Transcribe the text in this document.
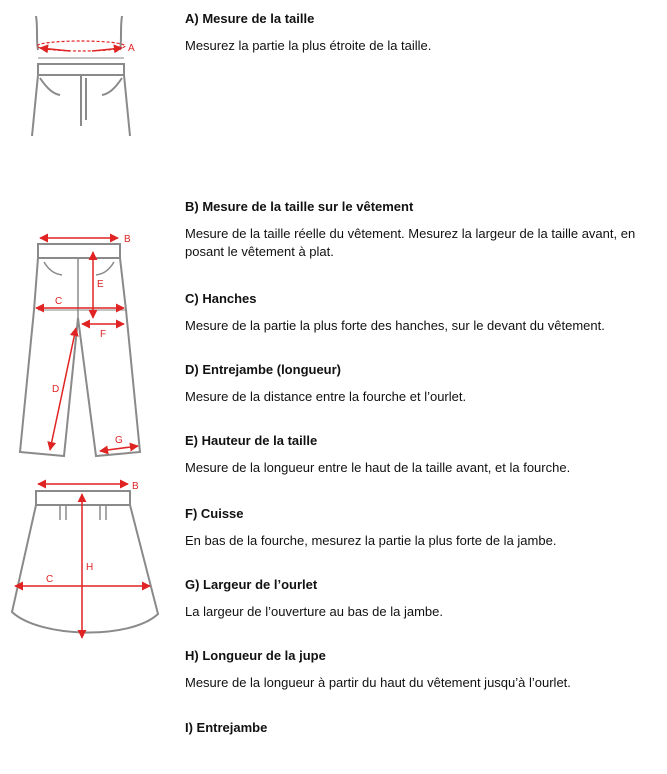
A
B
C
D
E
F
G
B
C
H
A) Mesure de la taille

Mesurez la partie la plus étroite de la taille.

B) Mesure de la taille sur le vêtement

Mesure de la taille réelle du vêtement. Mesurez la largeur de la taille avant, en posant le vêtement à plat.

C) Hanches

Mesure de la partie la plus forte des hanches, sur le devant du vêtement.

D) Entrejambe (longueur)

Mesure de la distance entre la fourche et l’ourlet.

E) Hauteur de la taille

Mesure de la longueur entre le haut de la taille avant, et la fourche.

F) Cuisse

En bas de la fourche, mesurez la partie la plus forte de la jambe.

G) Largeur de l’ourlet

La largeur de l’ouverture au bas de la jambe.

H) Longueur de la jupe

Mesure de la longueur à partir du haut du vêtement jusqu’à l’ourlet.

I) Entrejambe
